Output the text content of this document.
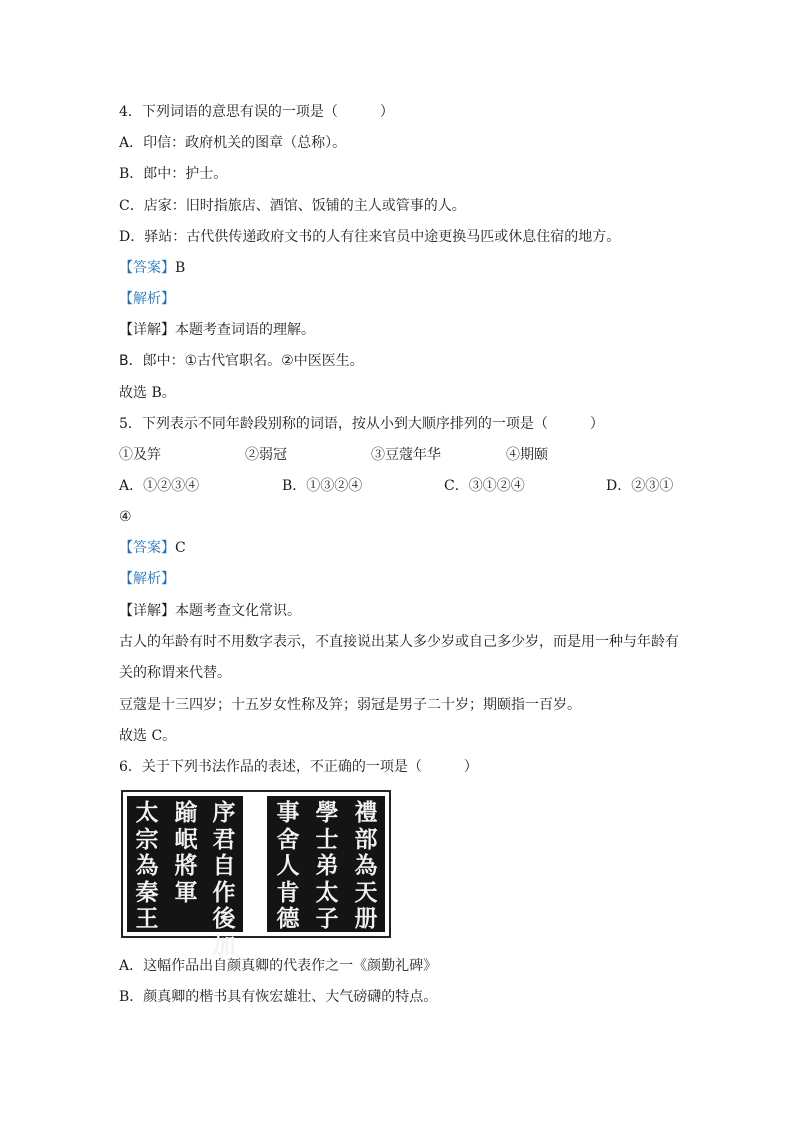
4．下列词语的意思有误的一项是（　　　）
A．印信：政府机关的图章（总称）。
B．郎中：护士。
C．店家：旧时指旅店、酒馆、饭铺的主人或管事的人。
D．驿站：古代供传递政府文书的人有往来官员中途更换马匹或休息住宿的地方。
【答案】B
【解析】
【详解】本题考查词语的理解。
B．郎中：①古代官职名。②中医医生。
故选 B。
5．下列表示不同年龄段别称的词语，按从小到大顺序排列的一项是（　　　）
①及笄	②弱冠	③豆蔻年华	④期颐
A．①②③④	B．①③②④	C．③①②④	D．②③①
④
【答案】C
【解析】
【详解】本题考查文化常识。
古人的年龄有时不用数字表示，不直接说出某人多少岁或自己多少岁，而是用一种与年龄有
关的称谓来代替。
豆蔻是十三四岁；十五岁女性称及笄；弱冠是男子二十岁；期颐指一百岁。
故选 C。
6．关于下列书法作品的表述，不正确的一项是（　　　）
序
君
自
作
後
加
踰
岷
將
軍
太
宗
為
秦
王
禮
部
為
天
册
學
士
弟
太
子
事
舍
人
肯
德
A．这幅作品出自颜真卿的代表作之一《颜勤礼碑》
B．颜真卿的楷书具有恢宏雄壮、大气磅礴的特点。
